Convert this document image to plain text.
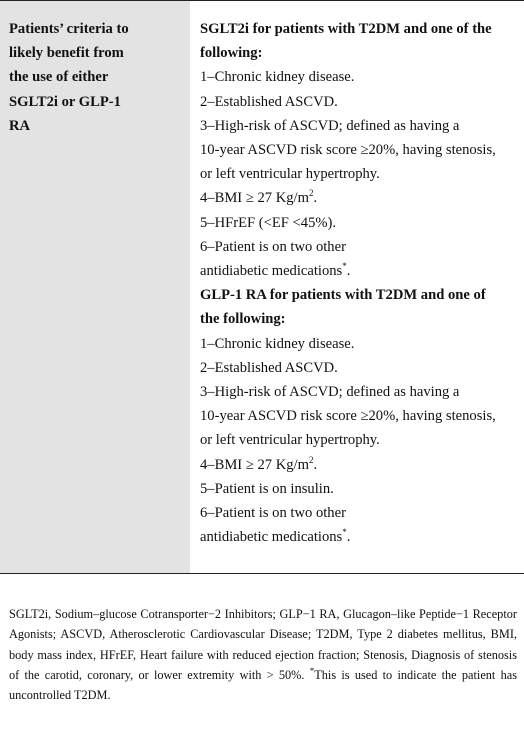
Patients’ criteria to
likely benefit from
the use of either
SGLT2i or GLP-1
RA
SGLT2i for patients with T2DM and one of the
following:
1–Chronic kidney disease.
2–Established ASCVD.
3–High-risk of ASCVD; defined as having a
10-year ASCVD risk score ≥20%, having stenosis,
or left ventricular hypertrophy.
4–BMI ≥ 27 $Kg/m^2$.
5–HFrEF (<EF <45%).
6–Patient is on two other
antidiabetic medications*.
GLP-1 RA for patients with T2DM and one of
the following:
1–Chronic kidney disease.
2–Established ASCVD.
3–High-risk of ASCVD; defined as having a
10-year ASCVD risk score ≥20%, having stenosis,
or left ventricular hypertrophy.
4–BMI ≥ 27 $Kg/m^2$.
5–Patient is on insulin.
6–Patient is on two other
antidiabetic medications*.
SGLT2i, Sodium–glucose Cotransporter−2 Inhibitors; GLP−1 RA, Glucagon–like Peptide−1 Receptor Agonists; ASCVD, Atherosclerotic Cardiovascular Disease; T2DM, Type 2 diabetes mellitus, BMI, body mass index, HFrEF, Heart failure with reduced ejection fraction; Stenosis, Diagnosis of stenosis of the carotid, coronary, or lower extremity with > 50%. *This is used to indicate the patient has uncontrolled T2DM.
